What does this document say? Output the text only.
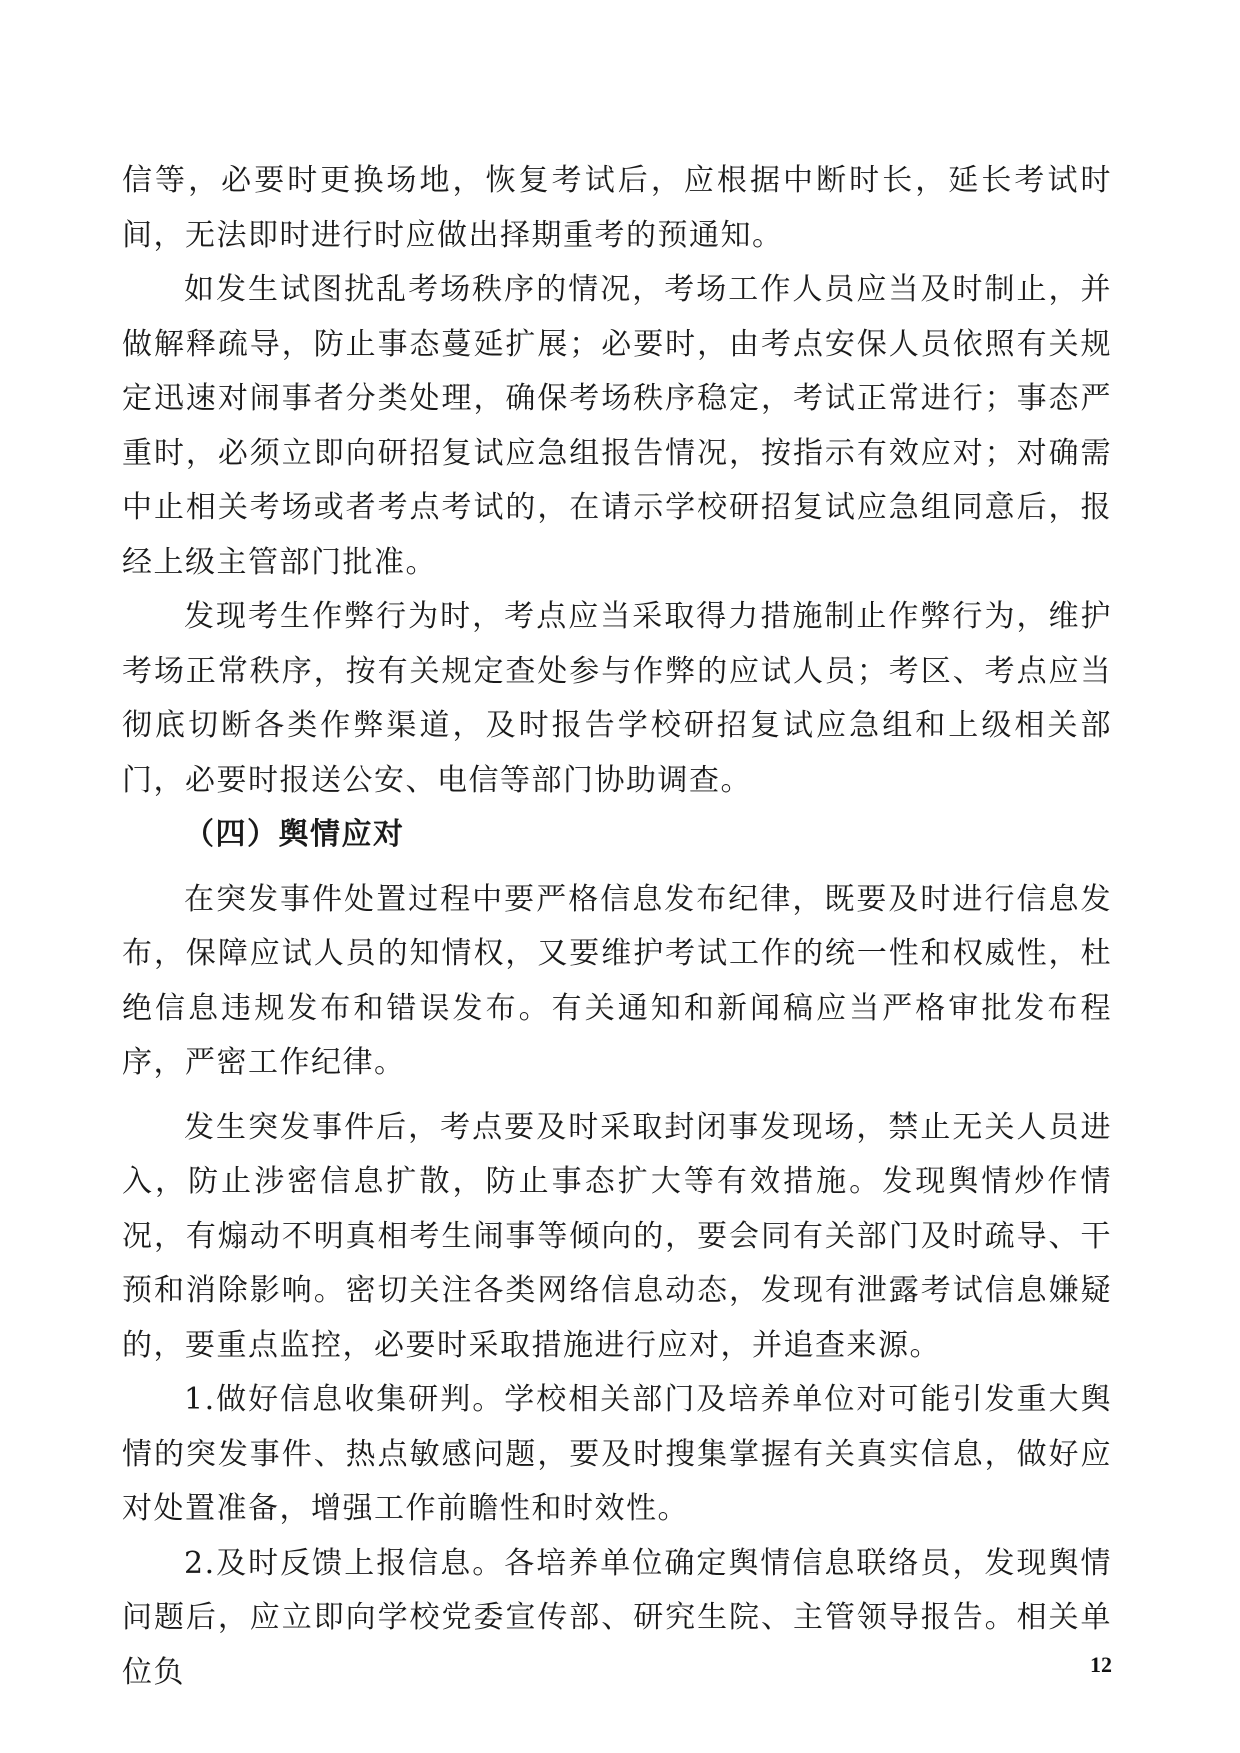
信等，必要时更换场地，恢复考试后，应根据中断时长，延长考试时间，无法即时进行时应做出择期重考的预通知。

如发生试图扰乱考场秩序的情况，考场工作人员应当及时制止，并做解释疏导，防止事态蔓延扩展；必要时，由考点安保人员依照有关规定迅速对闹事者分类处理，确保考场秩序稳定，考试正常进行；事态严重时，必须立即向研招复试应急组报告情况，按指示有效应对；对确需中止相关考场或者考点考试的，在请示学校研招复试应急组同意后，报经上级主管部门批准。

发现考生作弊行为时，考点应当采取得力措施制止作弊行为，维护考场正常秩序，按有关规定查处参与作弊的应试人员；考区、考点应当彻底切断各类作弊渠道，及时报告学校研招复试应急组和上级相关部门，必要时报送公安、电信等部门协助调查。

（四）舆情应对

在突发事件处置过程中要严格信息发布纪律，既要及时进行信息发布，保障应试人员的知情权，又要维护考试工作的统一性和权威性，杜绝信息违规发布和错误发布。有关通知和新闻稿应当严格审批发布程序，严密工作纪律。

发生突发事件后，考点要及时采取封闭事发现场，禁止无关人员进入，防止涉密信息扩散，防止事态扩大等有效措施。发现舆情炒作情况，有煽动不明真相考生闹事等倾向的，要会同有关部门及时疏导、干预和消除影响。密切关注各类网络信息动态，发现有泄露考试信息嫌疑的，要重点监控，必要时采取措施进行应对，并追查来源。

1.做好信息收集研判。学校相关部门及培养单位对可能引发重大舆情的突发事件、热点敏感问题，要及时搜集掌握有关真实信息，做好应对处置准备，增强工作前瞻性和时效性。

2.及时反馈上报信息。各培养单位确定舆情信息联络员，发现舆情问题后，应立即向学校党委宣传部、研究生院、主管领导报告。相关单位负	12
